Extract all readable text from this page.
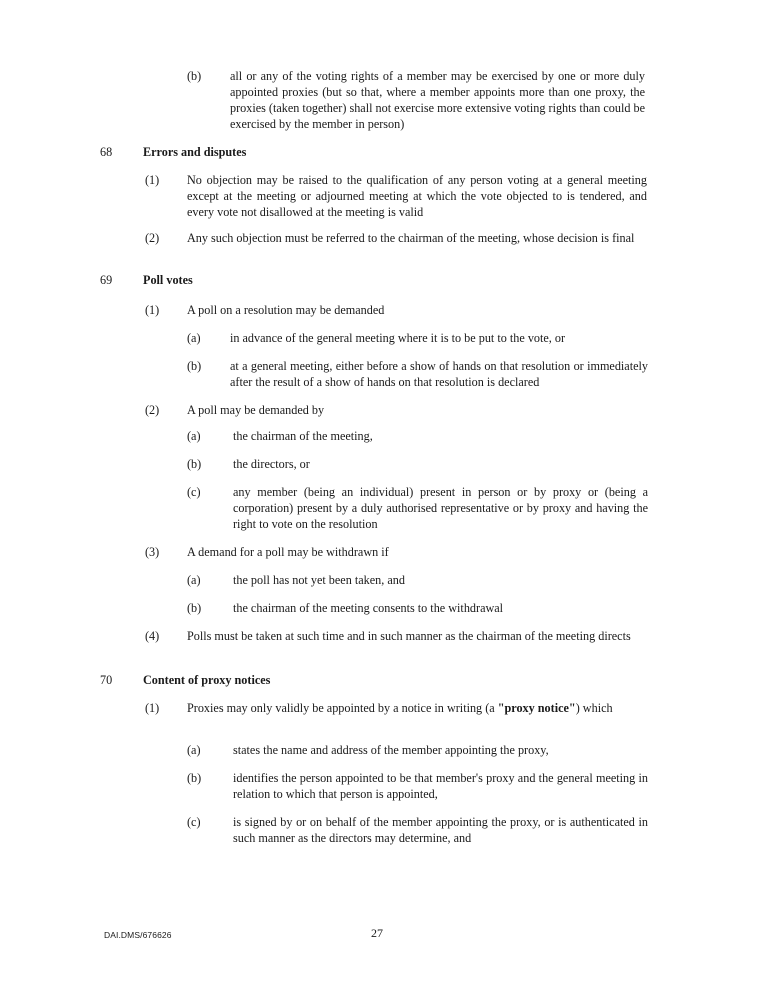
(b) all or any of the voting rights of a member may be exercised by one or more duly appointed proxies (but so that, where a member appoints more than one proxy, the proxies (taken together) shall not exercise more extensive voting rights than could be exercised by the member in person)
68	Errors and disputes
(1) No objection may be raised to the qualification of any person voting at a general meeting except at the meeting or adjourned meeting at which the vote objected to is tendered, and every vote not disallowed at the meeting is valid
(2) Any such objection must be referred to the chairman of the meeting, whose decision is final
69	Poll votes
(1) A poll on a resolution may be demanded
(a) in advance of the general meeting where it is to be put to the vote, or
(b) at a general meeting, either before a show of hands on that resolution or immediately after the result of a show of hands on that resolution is declared
(2) A poll may be demanded by
(a)	the chairman of the meeting,
(b)	the directors, or
(c)	any member (being an individual) present in person or by proxy or (being a corporation) present by a duly authorised representative or by proxy and having the right to vote on the resolution
(3) A demand for a poll may be withdrawn if
(a)	the poll has not yet been taken, and
(b)	the chairman of the meeting consents to the withdrawal
(4) Polls must be taken at such time and in such manner as the chairman of the meeting directs
70	Content of proxy notices
(1) Proxies may only validly be appointed by a notice in writing (a "proxy notice") which
(a)	states the name and address of the member appointing the proxy,
(b)	identifies the person appointed to be that member's proxy and the general meeting in relation to which that person is appointed,
(c)	is signed by or on behalf of the member appointing the proxy, or is authenticated in such manner as the directors may determine, and
DAI.DMS/676626	27
